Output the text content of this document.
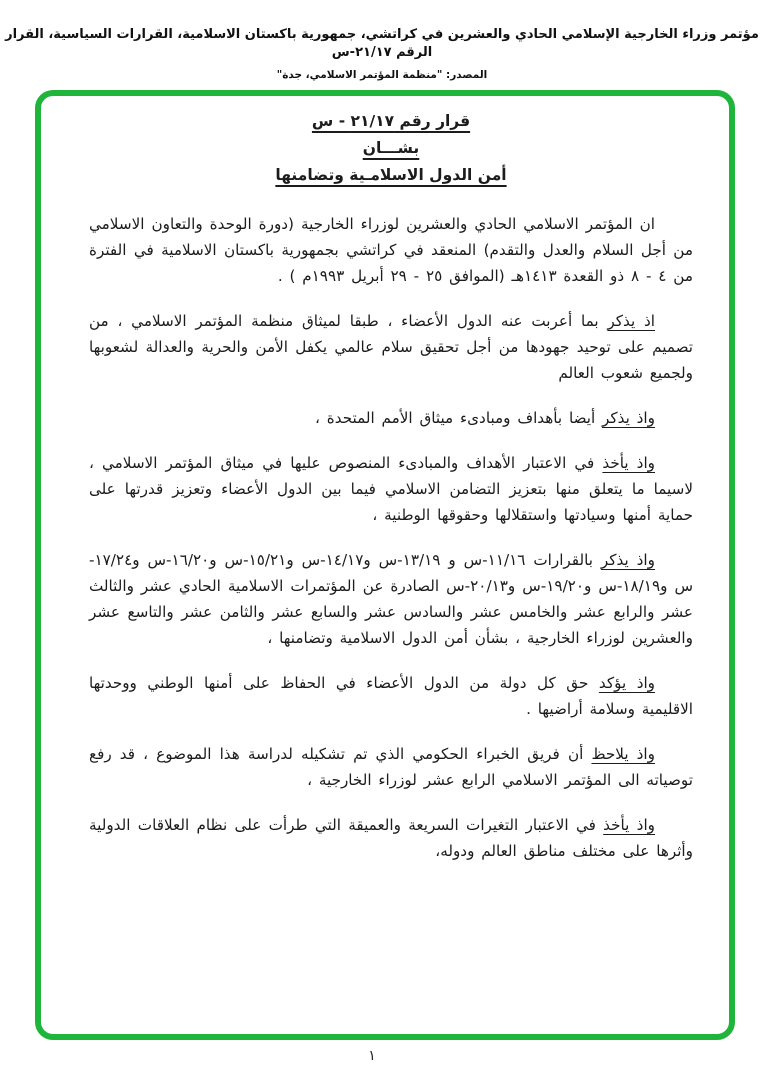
مؤتمر وزراء الخارجية الإسلامي الحادي والعشرين في كراتشي، جمهورية باكستان الاسلامية، القرارات السياسية، القرار الرقم ٢١/١٧-س
المصدر: "منظمة المؤتمر الاسلامي، جدة"
قرار رقم ٢١/١٧ - س
بشـــان
أمن الدول الاسلامـية وتضامنها

ان المؤتمر الاسلامي الحادي والعشرين لوزراء الخارجية (دورة الوحدة والتعاون الاسلامي من أجل السلام والعدل والتقدم) المنعقد في كراتشي بجمهورية باكستان الاسلامية في الفترة من ٤ - ٨ ذو القعدة ١٤١٣هـ (الموافق ٢٥ - ٢٩ أبريل ١٩٩٣م ) .

اذ يذكر بما أعربت عنه الدول الأعضاء ، طبقا لميثاق منظمة المؤتمر الاسلامي ، من تصميم على توحيد جهودها من أجل تحقيق سلام عالمي يكفل الأمن والحرية والعدالة لشعوبها ولجميع شعوب العالم

واذ يذكر أيضا بأهداف ومبادىء ميثاق الأمم المتحدة ،

واذ يأخذ في الاعتبار الأهداف والمبادىء المنصوص عليها في ميثاق المؤتمر الاسلامي ، لاسيما ما يتعلق منها بتعزيز التضامن الاسلامي فيما بين الدول الأعضاء وتعزيز قدرتها على حماية أمنها وسيادتها واستقلالها وحقوقها الوطنية ،

واذ يذكر بالقرارات ١١/١٦-س و ١٣/١٩-س و١٤/١٧-س و١٥/٢١-س و١٦/٢٠-س و١٧/٢٤-س و١٨/١٩-س و١٩/٢٠-س و٢٠/١٣-س الصادرة عن المؤتمرات الاسلامية الحادي عشر والثالث عشر والرابع عشر والخامس عشر والسادس عشر والسابع عشر والثامن عشر والتاسع عشر والعشرين لوزراء الخارجية ، بشأن أمن الدول الاسلامية وتضامنها ،

واذ يؤكد حق كل دولة من الدول الأعضاء في الحفاظ على أمنها الوطني ووحدتها الاقليمية وسلامة أراضيها .

واذ يلاحظ أن فريق الخبراء الحكومي الذي تم تشكيله لدراسة هذا الموضوع ، قد رفع توصياته الى المؤتمر الاسلامي الرابع عشر لوزراء الخارجية ،

واذ يأخذ في الاعتبار التغيرات السريعة والعميقة التي طرأت على نظام العلاقات الدولية وأثرها على مختلف مناطق العالم ودوله،

١
